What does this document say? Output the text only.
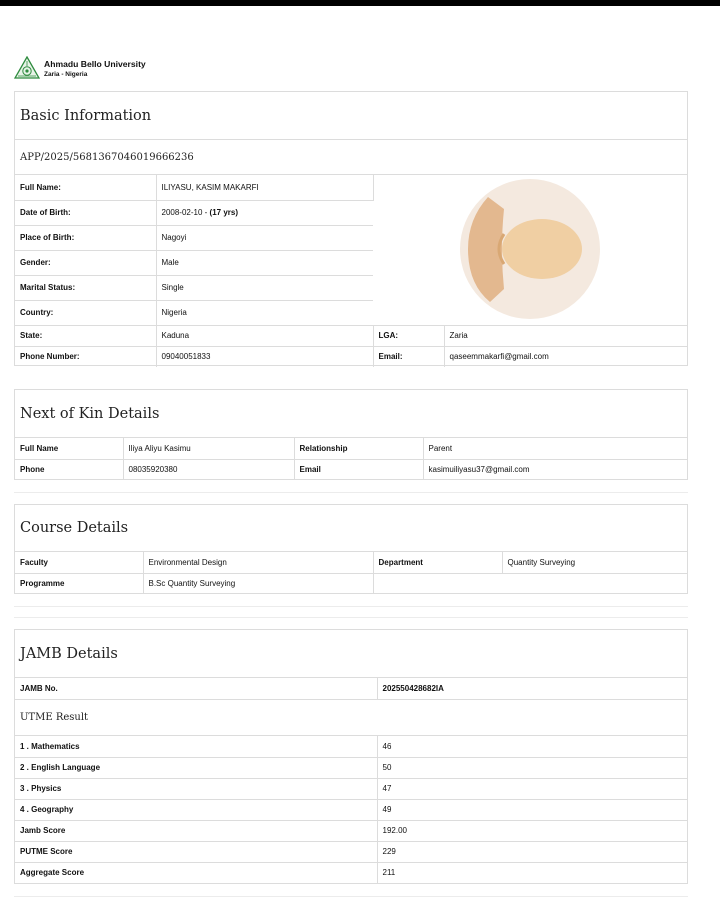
Ahmadu Bello University
Zaria - Nigeria
Basic Information
APP/2025/5681367046019666236
Full Name:	ILIYASU, KASIM MAKARFI	
Date of Birth:	2008-02-10 - (17 yrs)		
Place of Birth:	Nagoyi		
Gender:	Male		
Marital Status:	Single		
Country:	Nigeria		
State:	Kaduna	LGA:	Zaria
Phone Number:	09040051833	Email:	qaseemmakarfi@gmail.com
Next of Kin Details
Full Name	Iliya Aliyu Kasimu	Relationship	Parent
Phone	08035920380	Email	kasimuiliyasu37@gmail.com
Course Details
Faculty	Environmental Design	Department	Quantity Surveying
Programme	B.Sc Quantity Surveying		
JAMB Details
JAMB No.	202550428682IA
UTME Result
1 . Mathematics	46
2 . English Language	50
3 . Physics	47
4 . Geography	49
Jamb Score	192.00
PUTME Score	229
Aggregate Score	211
